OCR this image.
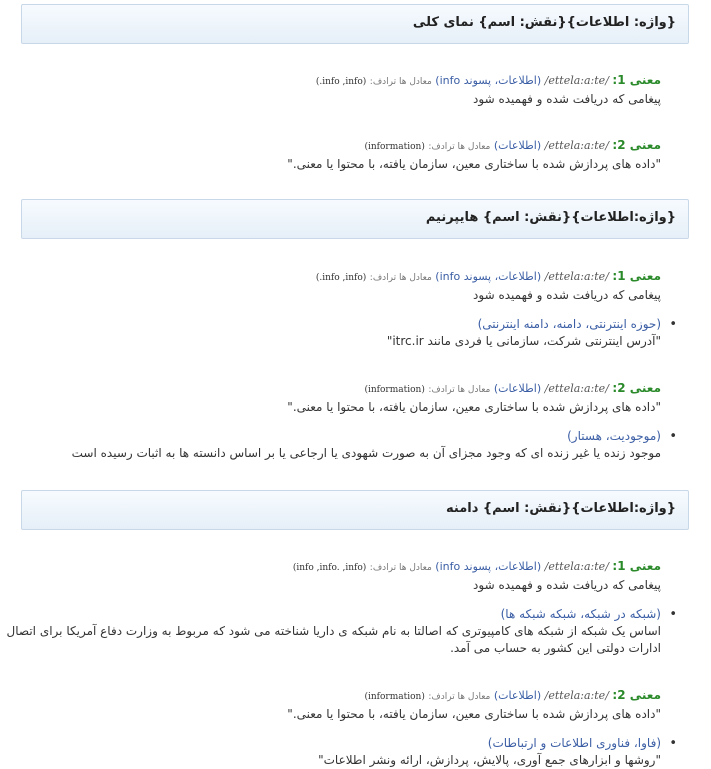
{واژه: اطلاعات}{نقش: اسم} نمای کلی
معنی 1: /ettela:a:te/ (اطلاعات، پسوند info) معادل ها ترادف: (info ,info.)
پیغامی که دریافت شده و فهمیده شود
معنی 2: /ettela:a:te/ (اطلاعات) معادل ها ترادف: (information)
"داده های پردازش شده با ساختاری معین، سازمان یافته، با محتوا یا معنی."
{واژه:اطلاعات}{نقش: اسم} هایپرنیم
معنی 1: /ettela:a:te/ (اطلاعات، پسوند info) معادل ها ترادف: (info ,info.)
پیغامی که دریافت شده و فهمیده شود
•
(حوزه اینترنتی، دامنه، دامنه اینترنتی)
"آدرس اینترنتی شرکت، سازمانی یا فردی مانند itrc.ir"
معنی 2: /ettela:a:te/ (اطلاعات) معادل ها ترادف: (information)
"داده های پردازش شده با ساختاری معین، سازمان یافته، با محتوا یا معنی."
•
(موجودیت، هستار)
موجود زنده یا غیر زنده ای که وجود مجزای آن به صورت شهودی یا ارجاعی یا بر اساس دانسته ها به اثبات رسیده است
{واژه:اطلاعات}{نقش: اسم} دامنه
معنی 1: /ettela:a:te/ (اطلاعات، پسوند info) معادل ها ترادف: (info ,info. ,info)
پیغامی که دریافت شده و فهمیده شود
•
(شبکه در شبکه، شبکه شبکه ها)
اساس یک شبکه از شبکه های کامپیوتری که اصالتا به نام شبکه ی داریا شناخته می شود که مربوط به وزارت دفاع آمریکا برای اتصال
ادارات دولتی این کشور به حساب می آمد.
معنی 2: /ettela:a:te/ (اطلاعات) معادل ها ترادف: (information)
"داده های پردازش شده با ساختاری معین، سازمان یافته، با محتوا یا معنی."
•
(فاوا، فناوری اطلاعات و ارتباطات)
"روشها و ابزارهای جمع آوری، پالایش، پردازش، ارائه ونشر اطلاعات"
